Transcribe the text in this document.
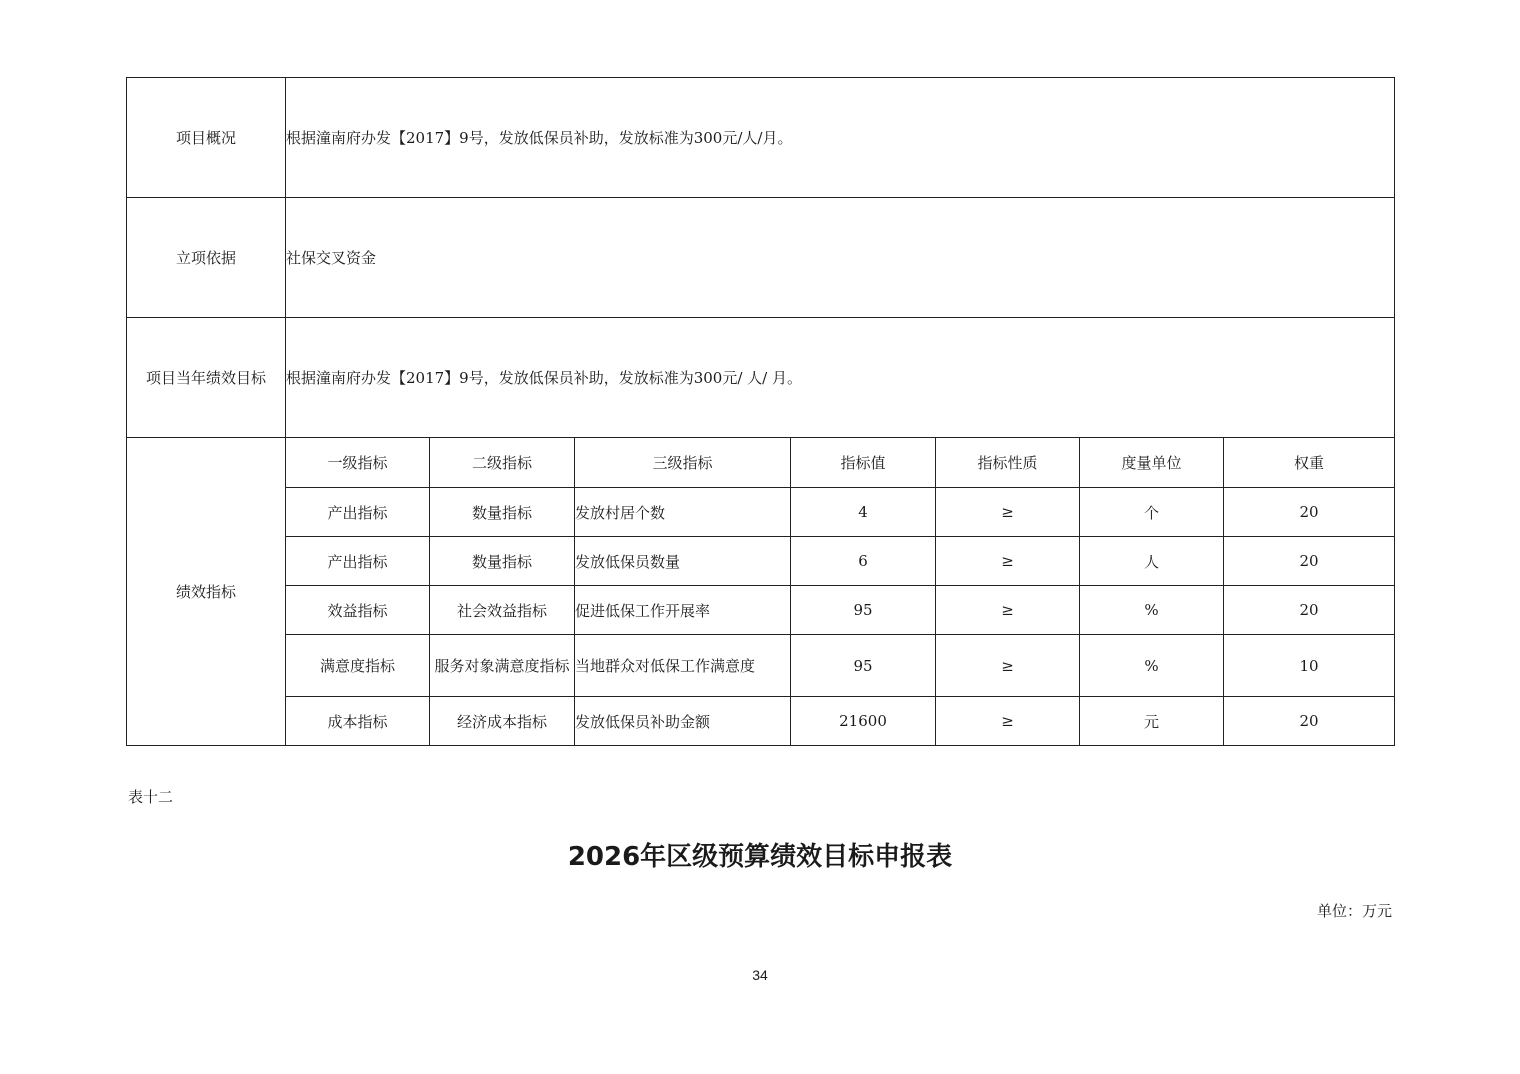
项目概况	根据潼南府办发【2017】9号，发放低保员补助，发放标准为300元/人/月。						
立项依据	社保交叉资金						
项目当年绩效目标	根据潼南府办发【2017】9号，发放低保员补助，发放标准为300元/ 人/ 月。						
绩效指标	一级指标	二级指标	三级指标	指标值	指标性质	度量单位	权重
	产出指标	数量指标	发放村居个数	4	≥	个	20
	产出指标	数量指标	发放低保员数量	6	≥	人	20
	效益指标	社会效益指标	促进低保工作开展率	95	≥	%	20
	满意度指标	服务对象满意度指标	当地群众对低保工作满意度	95	≥	%	10
	成本指标	经济成本指标	发放低保员补助金额	21600	≥	元	20
表十二
2026年区级预算绩效目标申报表
单位：万元
34
